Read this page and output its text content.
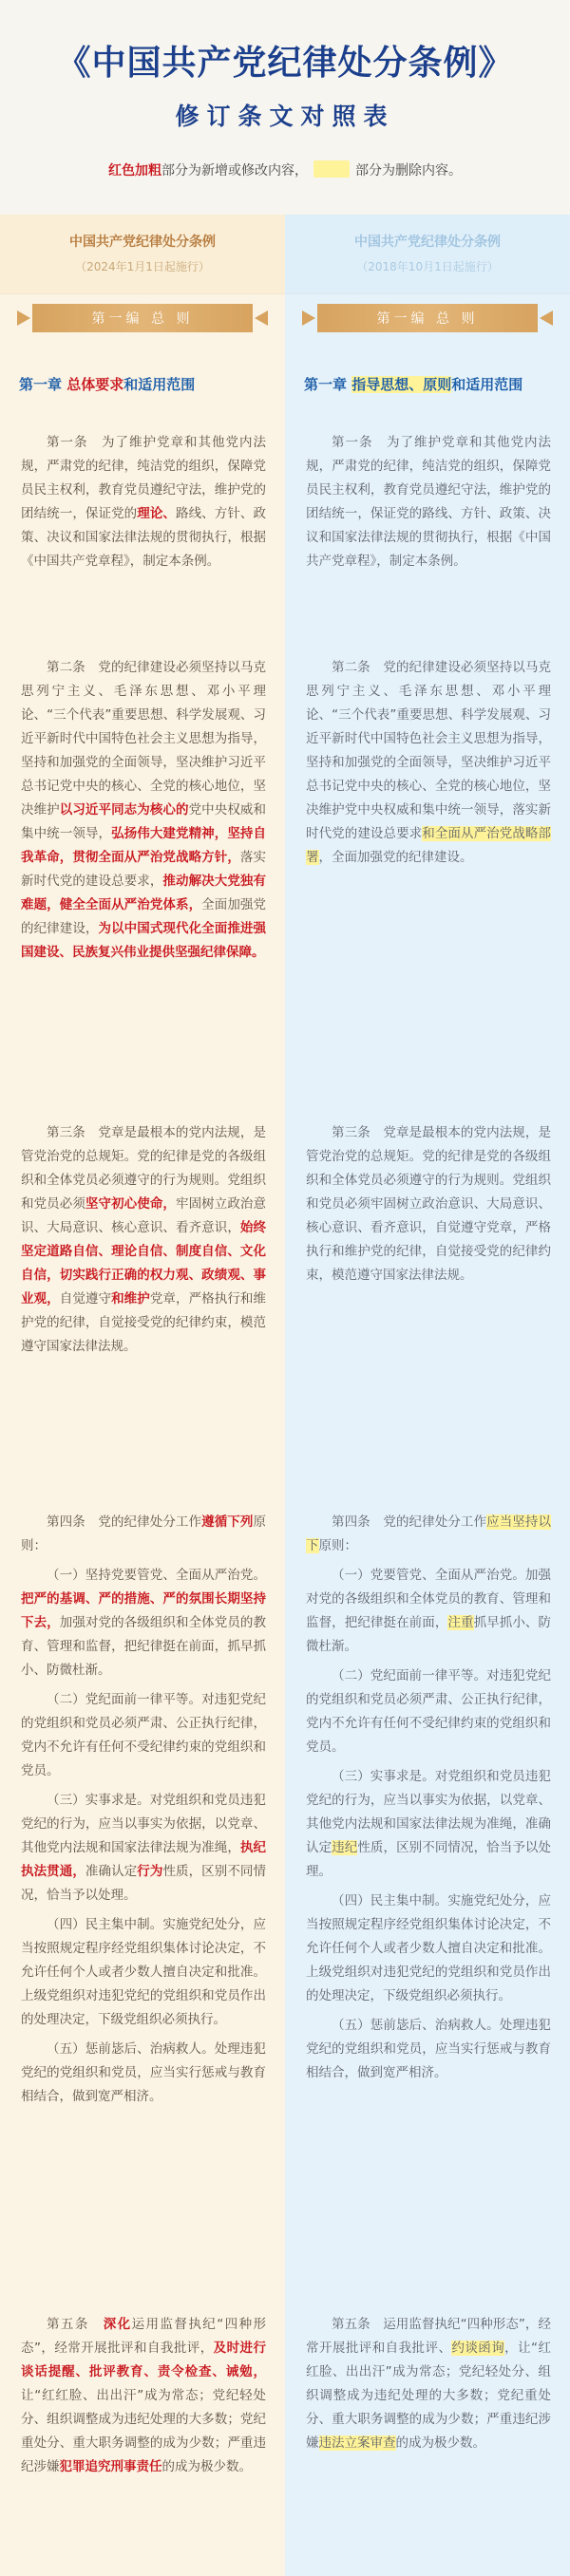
《中国共产党纪律处分条例》
修订条文对照表
红色加粗部分为新增或修改内容，	部分为删除内容。
中国共产党纪律处分条例
（2024年1月1日起施行）
第一编 总 则
第一章 总体要求和适用范围

第一条　为了维护党章和其他党内法规，严肃党的纪律，纯洁党的组织，保障党员民主权利，教育党员遵纪守法，维护党的团结统一，保证党的理论、路线、方针、政策、决议和国家法律法规的贯彻执行，根据《中国共产党章程》，制定本条例。

第二条　党的纪律建设必须坚持以马克思列宁主义、毛泽东思想、邓小平理论、“三个代表”重要思想、科学发展观、习近平新时代中国特色社会主义思想为指导，坚持和加强党的全面领导，坚决维护习近平总书记党中央的核心、全党的核心地位，坚决维护以习近平同志为核心的党中央权威和集中统一领导，弘扬伟大建党精神，坚持自我革命，贯彻全面从严治党战略方针，落实新时代党的建设总要求，推动解决大党独有难题，健全全面从严治党体系，全面加强党的纪律建设，为以中国式现代化全面推进强国建设、民族复兴伟业提供坚强纪律保障。

第三条　党章是最根本的党内法规，是管党治党的总规矩。党的纪律是党的各级组织和全体党员必须遵守的行为规则。党组织和党员必须坚守初心使命，牢固树立政治意识、大局意识、核心意识、看齐意识，始终坚定道路自信、理论自信、制度自信、文化自信，切实践行正确的权力观、政绩观、事业观，自觉遵守和维护党章，严格执行和维护党的纪律，自觉接受党的纪律约束，模范遵守国家法律法规。

第四条　党的纪律处分工作遵循下列原则：

（一）坚持党要管党、全面从严治党。把严的基调、严的措施、严的氛围长期坚持下去，加强对党的各级组织和全体党员的教育、管理和监督，把纪律挺在前面，抓早抓小、防微杜渐。

（二）党纪面前一律平等。对违犯党纪的党组织和党员必须严肃、公正执行纪律，党内不允许有任何不受纪律约束的党组织和党员。

（三）实事求是。对党组织和党员违犯党纪的行为，应当以事实为依据，以党章、其他党内法规和国家法律法规为准绳，执纪执法贯通，准确认定行为性质，区别不同情况，恰当予以处理。

（四）民主集中制。实施党纪处分，应当按照规定程序经党组织集体讨论决定，不允许任何个人或者少数人擅自决定和批准。上级党组织对违犯党纪的党组织和党员作出的处理决定，下级党组织必须执行。

（五）惩前毖后、治病救人。处理违犯党纪的党组织和党员，应当实行惩戒与教育相结合，做到宽严相济。

第五条　深化运用监督执纪“四种形态”，经常开展批评和自我批评，及时进行谈话提醒、批评教育、责令检查、诫勉，让“红红脸、出出汗”成为常态；党纪轻处分、组织调整成为违纪处理的大多数；党纪重处分、重大职务调整的成为少数；严重违纪涉嫌犯罪追究刑事责任的成为极少数。

中国共产党纪律处分条例
（2018年10月1日起施行）
第一编 总 则
第一章 指导思想、原则和适用范围

第一条　为了维护党章和其他党内法规，严肃党的纪律，纯洁党的组织，保障党员民主权利，教育党员遵纪守法，维护党的团结统一，保证党的路线、方针、政策、决议和国家法律法规的贯彻执行，根据《中国共产党章程》，制定本条例。

第二条　党的纪律建设必须坚持以马克思列宁主义、毛泽东思想、邓小平理论、“三个代表”重要思想、科学发展观、习近平新时代中国特色社会主义思想为指导，坚持和加强党的全面领导，坚决维护习近平总书记党中央的核心、全党的核心地位，坚决维护党中央权威和集中统一领导，落实新时代党的建设总要求和全面从严治党战略部署，全面加强党的纪律建设。

第三条　党章是最根本的党内法规，是管党治党的总规矩。党的纪律是党的各级组织和全体党员必须遵守的行为规则。党组织和党员必须牢固树立政治意识、大局意识、核心意识、看齐意识，自觉遵守党章，严格执行和维护党的纪律，自觉接受党的纪律约束，模范遵守国家法律法规。

第四条　党的纪律处分工作应当坚持以下原则：

（一）党要管党、全面从严治党。加强对党的各级组织和全体党员的教育、管理和监督，把纪律挺在前面，注重抓早抓小、防微杜渐。

（二）党纪面前一律平等。对违犯党纪的党组织和党员必须严肃、公正执行纪律，党内不允许有任何不受纪律约束的党组织和党员。

（三）实事求是。对党组织和党员违犯党纪的行为，应当以事实为依据，以党章、其他党内法规和国家法律法规为准绳，准确认定违纪性质，区别不同情况，恰当予以处理。

（四）民主集中制。实施党纪处分，应当按照规定程序经党组织集体讨论决定，不允许任何个人或者少数人擅自决定和批准。上级党组织对违犯党纪的党组织和党员作出的处理决定，下级党组织必须执行。

（五）惩前毖后、治病救人。处理违犯党纪的党组织和党员，应当实行惩戒与教育相结合，做到宽严相济。

第五条　运用监督执纪“四种形态”，经常开展批评和自我批评、约谈函询，让“红红脸、出出汗”成为常态；党纪轻处分、组织调整成为违纪处理的大多数；党纪重处分、重大职务调整的成为少数；严重违纪涉嫌违法立案审查的成为极少数。
